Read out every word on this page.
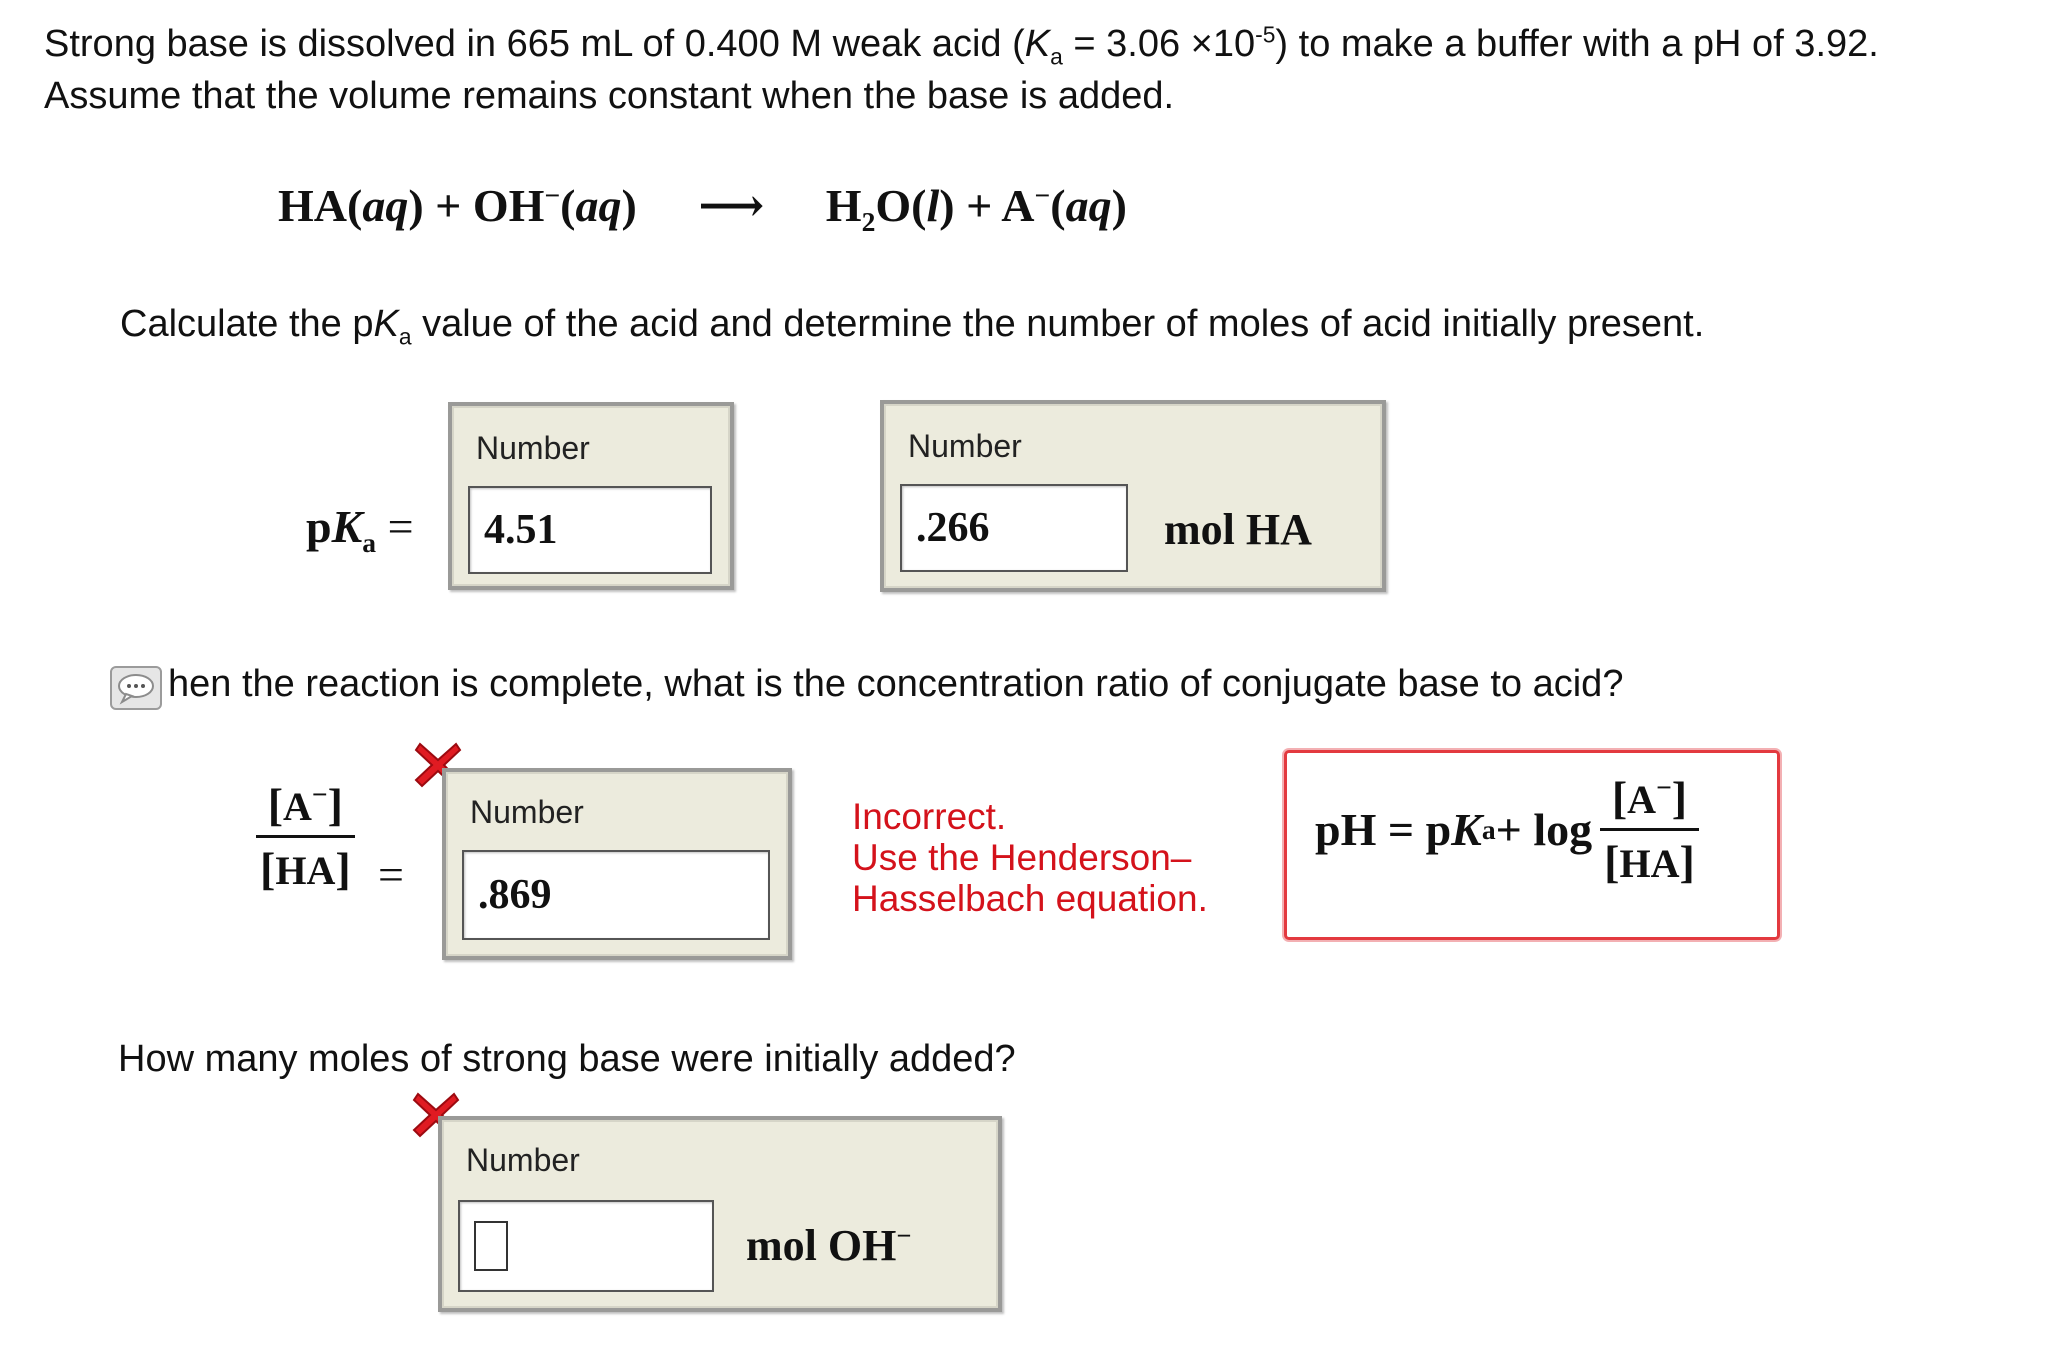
Strong base is dissolved in 665 mL of 0.400 M weak acid $(K_a = 3.06 \times 10^{-5})$ to make a buffer with a pH of 3.92.
Assume that the volume remains constant when the base is added.
HA(aq) + OH−(aq) ⟶ $H_2O(l) + A^-(aq)$
Calculate the $pK_a$ value of the acid and determine the number of moles of acid initially present.
$pK_a$ =
Number
4.51
Number
.266	mol HA
hen the reaction is complete, what is the concentration ratio of conjugate base to acid?
$\frac{[A^-]}{[HA]}$ =
Number
.869
Incorrect.
Use the Henderson–
Hasselbach equation.
pH = p K $a + \log \frac{[A^-]}{[HA]}$
How many moles of strong base were initially added?
Number
mol OH−
